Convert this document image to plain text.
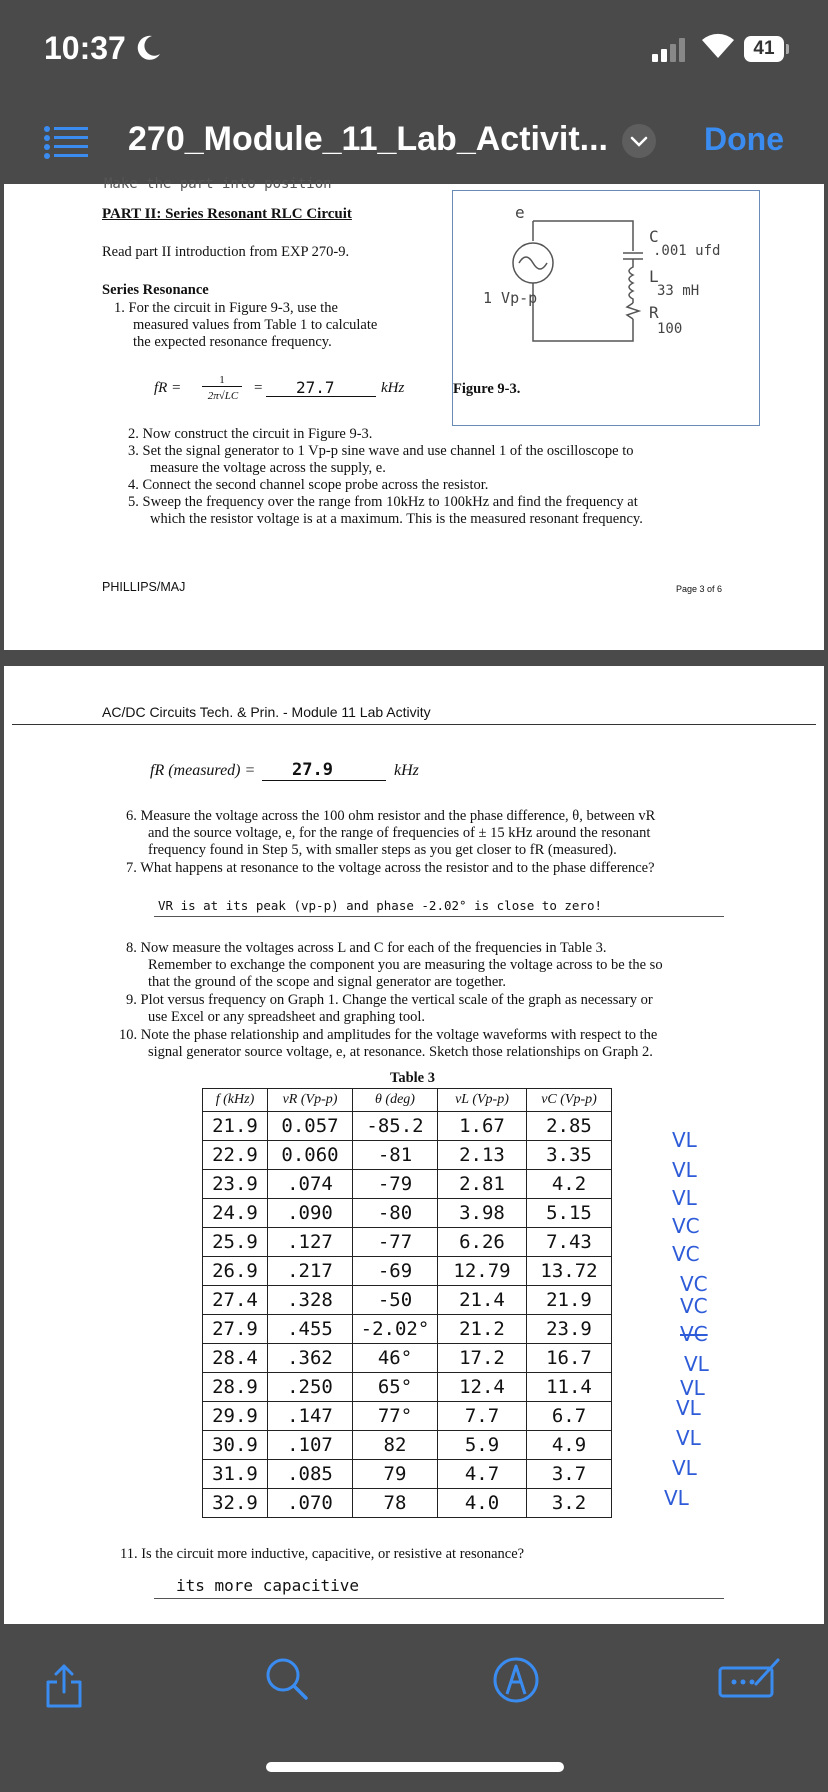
10:37	41
270_Module_11_Lab_Activit...	Done
Make the part into position
PART II: Series Resonant RLC Circuit
Read part II introduction from EXP 270-9.
Series Resonance
1. For the circuit in Figure 9-3, use the
measured values from Table 1 to calculate
the expected resonance frequency.
fR =	1
2π√LC	= 27.7	kHz
e
1 Vp-p
C
.001 ufd
L
33 mH
R
100
Figure 9-3.
2. Now construct the circuit in Figure 9-3.
3. Set the signal generator to 1 Vp-p sine wave and use channel 1 of the oscilloscope to
measure the voltage across the supply, e.
4. Connect the second channel scope probe across the resistor.
5. Sweep the frequency over the range from 10kHz to 100kHz and find the frequency at
which the resistor voltage is at a maximum. This is the measured resonant frequency.
PHILLIPS/MAJ	Page 3 of 6
AC/DC Circuits Tech. & Prin. - Module 11 Lab Activity
fR (measured) = 27.9	kHz
6. Measure the voltage across the 100 ohm resistor and the phase difference, θ, between vR
and the source voltage, e, for the range of frequencies of ± 15 kHz around the resonant
frequency found in Step 5, with smaller steps as you get closer to fR (measured).
7. What happens at resonance to the voltage across the resistor and to the phase difference?
VR is at its peak (vp-p) and phase -2.02° is close to zero!
8. Now measure the voltages across L and C for each of the frequencies in Table 3.
Remember to exchange the component you are measuring the voltage across to be the so
that the ground of the scope and signal generator are together.
9. Plot versus frequency on Graph 1. Change the vertical scale of the graph as necessary or
use Excel or any spreadsheet and graphing tool.
10. Note the phase relationship and amplitudes for the voltage waveforms with respect to the
signal generator source voltage, e, at resonance. Sketch those relationships on Graph 2.
Table 3
f (kHz)	vR (Vp-p)	θ (deg)	vL (Vp-p)	vC (Vp-p)
21.9	0.057	-85.2	1.67	2.85
22.9	0.060	-81	2.13	3.35
23.9	.074	-79	2.81	4.2
24.9	.090	-80	3.98	5.15
25.9	.127	-77	6.26	7.43
26.9	.217	-69	12.79	13.72
27.4	.328	-50	21.4	21.9
27.9	.455	-2.02°	21.2	23.9
28.4	.362	46°	17.2	16.7
28.9	.250	65°	12.4	11.4
29.9	.147	77°	7.7	6.7
30.9	.107	82	5.9	4.9
31.9	.085	79	4.7	3.7
32.9	.070	78	4.0	3.2
VL
VL
VL
VC
VC
VC
VC
VC
VL
VL
VL
VL
VL
VL
11. Is the circuit more inductive, capacitive, or resistive at resonance?
its more capacitive
